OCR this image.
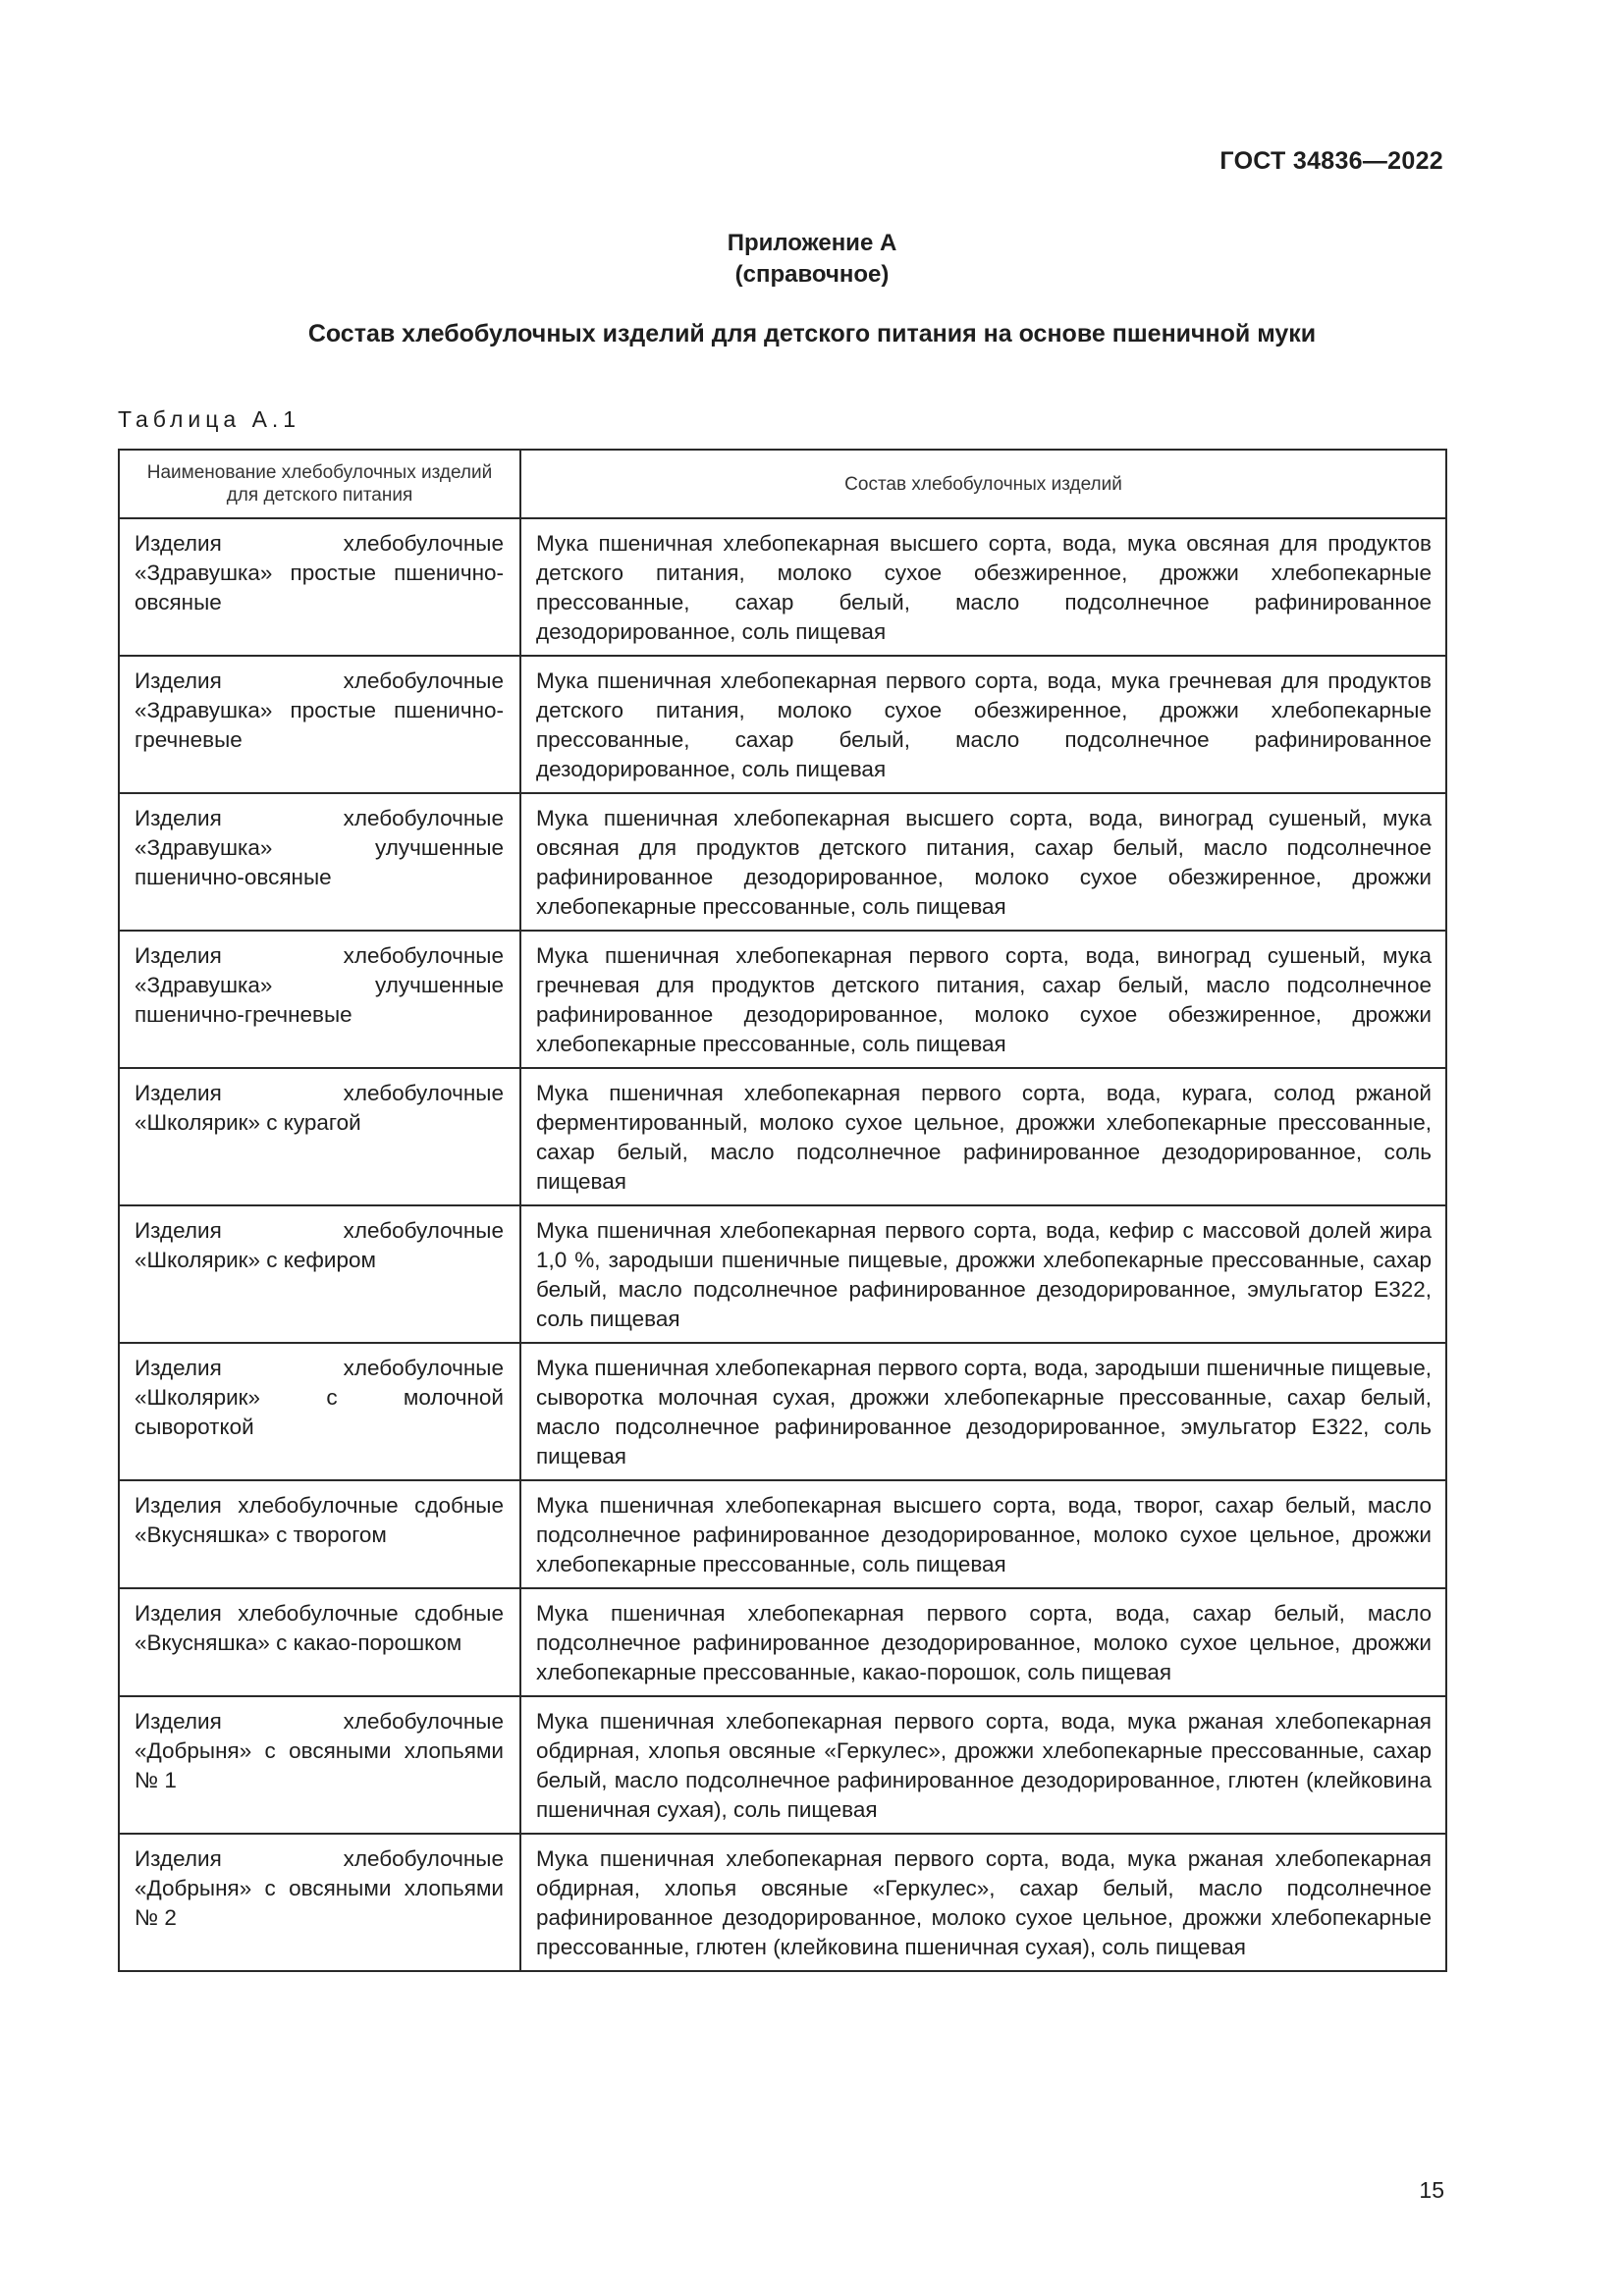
ГОСТ 34836—2022
Приложение А
(справочное)
Состав хлебобулочных изделий для детского питания на основе пшеничной муки
Таблица А.1
Наименование хлебобулочных изделий для детского питания	Состав хлебобулочных изделий
Изделия хлебобулочные «Здравушка» простые пшенично-овсяные	Мука пшеничная хлебопекарная высшего сорта, вода, мука овсяная для продуктов детского питания, молоко сухое обезжиренное, дрожжи хлебопекарные прессованные, сахар белый, масло подсолнечное рафинированное дезодорированное, соль пищевая
Изделия хлебобулочные «Здравушка» простые пшенично-гречневые	Мука пшеничная хлебопекарная первого сорта, вода, мука гречневая для продуктов детского питания, молоко сухое обезжиренное, дрожжи хлебопекарные прессованные, сахар белый, масло подсолнечное рафинированное дезодорированное, соль пищевая
Изделия хлебобулочные «Здравушка» улучшенные пшенично-овсяные	Мука пшеничная хлебопекарная высшего сорта, вода, виноград сушеный, мука овсяная для продуктов детского питания, сахар белый, масло подсолнечное рафинированное дезодорированное, молоко сухое обезжиренное, дрожжи хлебопекарные прессованные, соль пищевая
Изделия хлебобулочные «Здравушка» улучшенные пшенично-гречневые	Мука пшеничная хлебопекарная первого сорта, вода, виноград сушеный, мука гречневая для продуктов детского питания, сахар белый, масло подсолнечное рафинированное дезодорированное, молоко сухое обезжиренное, дрожжи хлебопекарные прессованные, соль пищевая
Изделия хлебобулочные «Школярик» с курагой	Мука пшеничная хлебопекарная первого сорта, вода, курага, солод ржаной ферментированный, молоко сухое цельное, дрожжи хлебопекарные прессованные, сахар белый, масло подсолнечное рафинированное дезодорированное, соль пищевая
Изделия хлебобулочные «Школярик» с кефиром	Мука пшеничная хлебопекарная первого сорта, вода, кефир с массовой долей жира 1,0 %, зародыши пшеничные пищевые, дрожжи хлебопекарные прессованные, сахар белый, масло подсолнечное рафинированное дезодорированное, эмульгатор Е322, соль пищевая
Изделия хлебобулочные «Школярик» с молочной сывороткой	Мука пшеничная хлебопекарная первого сорта, вода, зародыши пшеничные пищевые, сыворотка молочная сухая, дрожжи хлебопекарные прессованные, сахар белый, масло подсолнечное рафинированное дезодорированное, эмульгатор Е322, соль пищевая
Изделия хлебобулочные сдобные «Вкусняшка» с творогом	Мука пшеничная хлебопекарная высшего сорта, вода, творог, сахар белый, масло подсолнечное рафинированное дезодорированное, молоко сухое цельное, дрожжи хлебопекарные прессованные, соль пищевая
Изделия хлебобулочные сдобные «Вкусняшка» с какао-порошком	Мука пшеничная хлебопекарная первого сорта, вода, сахар белый, масло подсолнечное рафинированное дезодорированное, молоко сухое цельное, дрожжи хлебопекарные прессованные, какао-порошок, соль пищевая
Изделия хлебобулочные «Добрыня» с овсяными хлопьями № 1	Мука пшеничная хлебопекарная первого сорта, вода, мука ржаная хлебопекарная обдирная, хлопья овсяные «Геркулес», дрожжи хлебопекарные прессованные, сахар белый, масло подсолнечное рафинированное дезодорированное, глютен (клейковина пшеничная сухая), соль пищевая
Изделия хлебобулочные «Добрыня» с овсяными хлопьями № 2	Мука пшеничная хлебопекарная первого сорта, вода, мука ржаная хлебопекарная обдирная, хлопья овсяные «Геркулес», сахар белый, масло подсолнечное рафинированное дезодорированное, молоко сухое цельное, дрожжи хлебопекарные прессованные, глютен (клейковина пшеничная сухая), соль пищевая
15
